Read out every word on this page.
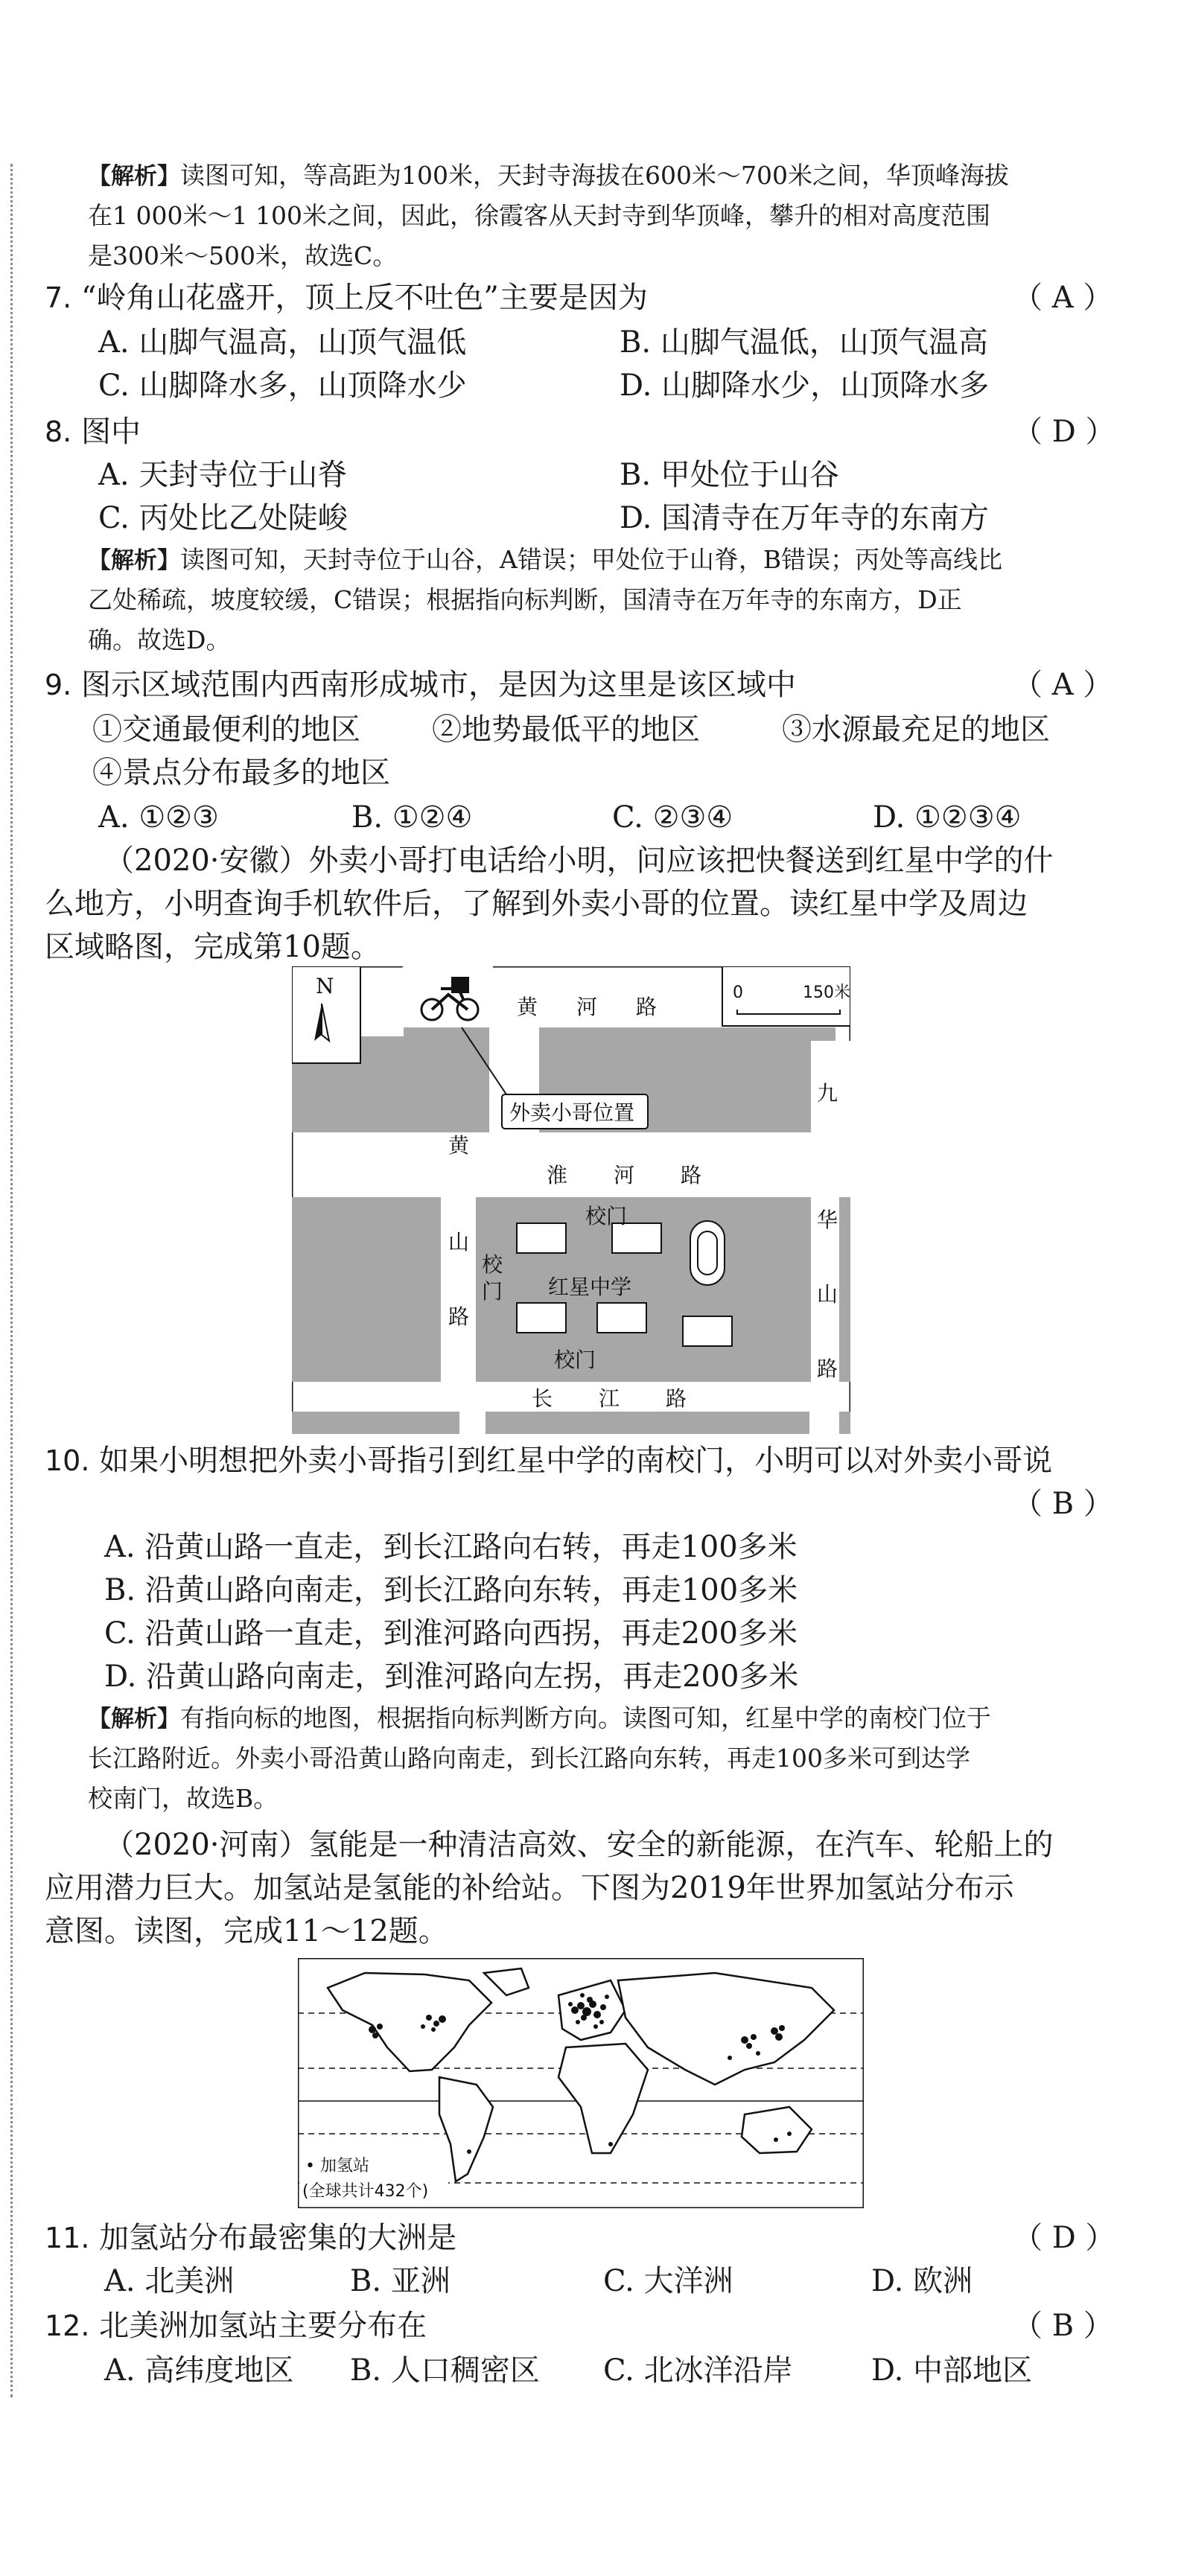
【解析】读图可知，等高距为100米，天封寺海拔在600米～700米之间，华顶峰海拔
在1 000米～1 100米之间，因此，徐霞客从天封寺到华顶峰，攀升的相对高度范围
是300米～500米，故选C。
7. “岭角山花盛开，顶上反不吐色”主要是因为	（ A ）
A. 山脚气温高，山顶气温低	B. 山脚气温低，山顶气温高
C. 山脚降水多，山顶降水少	D. 山脚降水少，山顶降水多
8. 图中	（ D ）
A. 天封寺位于山脊	B. 甲处位于山谷
C. 丙处比乙处陡峻	D. 国清寺在万年寺的东南方
【解析】读图可知，天封寺位于山谷，A错误；甲处位于山脊，B错误；丙处等高线比
乙处稀疏，坡度较缓，C错误；根据指向标判断，国清寺在万年寺的东南方，D正
确。故选D。
9. 图示区域范围内西南形成城市，是因为这里是该区域中	（ A ）
①交通最便利的地区 ②地势最低平的地区	③水源最充足的地区
④景点分布最多的地区
A. ①②③	B. ①②④	C. ②③④	D. ①②③④
（2020·安徽）外卖小哥打电话给小明，问应该把快餐送到红星中学的什
么地方，小明查询手机软件后，了解到外卖小哥的位置。读红星中学及周边
区域略图，完成第10题。
N	0	150米
外卖小哥位置
黄 河 路
淮 河 路
长 江 路
黄
山
路
九
华
山
路
校门
红星中学
校门
校
门
10. 如果小明想把外卖小哥指引到红星中学的南校门，小明可以对外卖小哥说
（ B ）
A. 沿黄山路一直走，到长江路向右转，再走100多米
B. 沿黄山路向南走，到长江路向东转，再走100多米
C. 沿黄山路一直走，到淮河路向西拐，再走200多米
D. 沿黄山路向南走，到淮河路向左拐，再走200多米
【解析】有指向标的地图，根据指向标判断方向。读图可知，红星中学的南校门位于
长江路附近。外卖小哥沿黄山路向南走，到长江路向东转，再走100多米可到达学
校南门，故选B。
（2020·河南）氢能是一种清洁高效、安全的新能源，在汽车、轮船上的
应用潜力巨大。加氢站是氢能的补给站。下图为2019年世界加氢站分布示
意图。读图，完成11～12题。
• 加氢站
(全球共计432个)
11. 加氢站分布最密集的大洲是	（ D ）
A. 北美洲	B. 亚洲	C. 大洋洲	D. 欧洲
12. 北美洲加氢站主要分布在	（ B ）
A. 高纬度地区 B. 人口稠密区 C. 北冰洋沿岸	D. 中部地区
